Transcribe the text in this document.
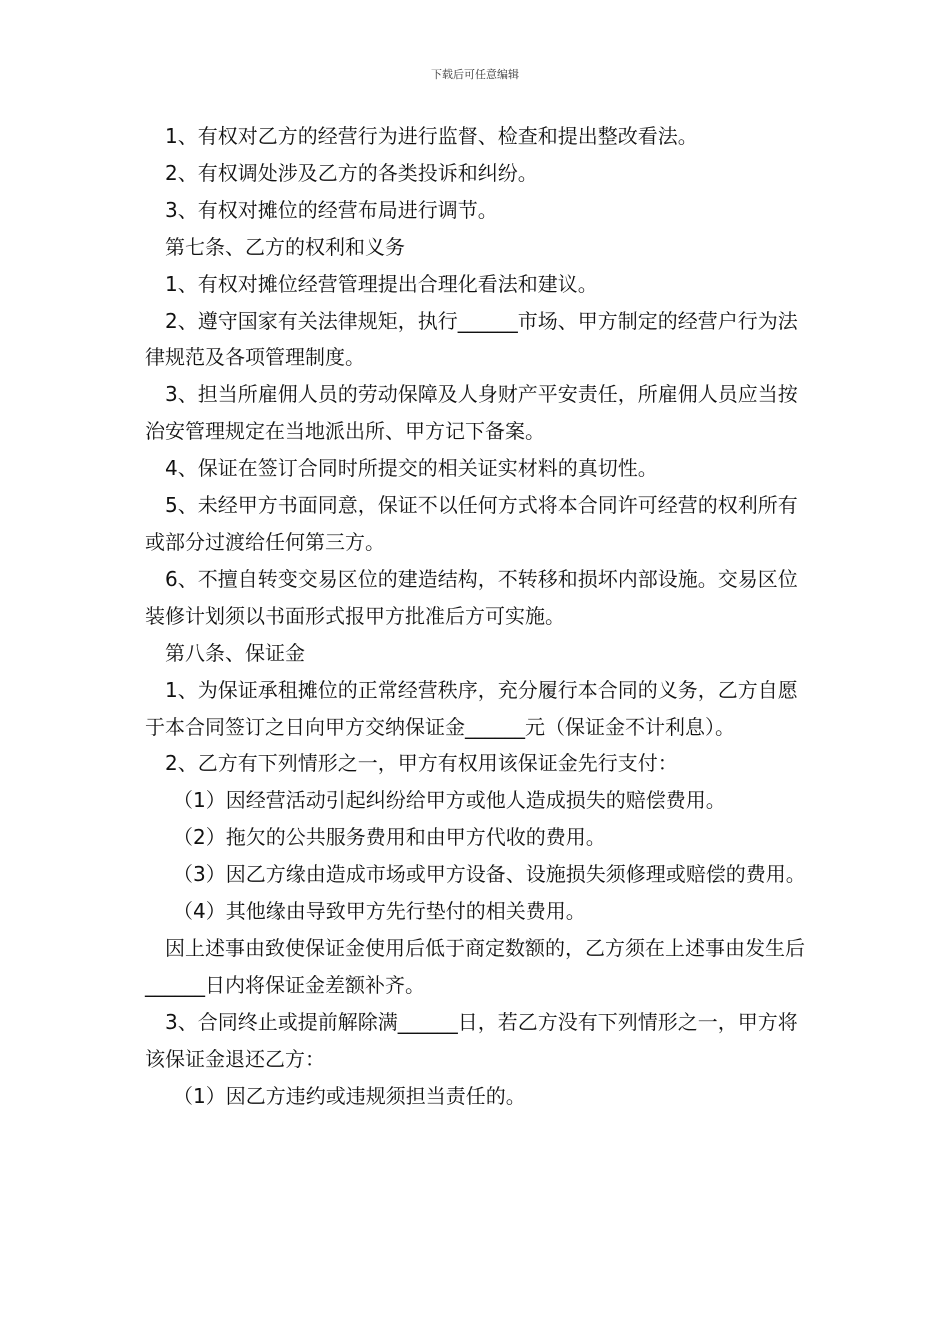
下载后可任意编辑

1、有权对乙方的经营行为进行监督、检查和提出整改看法。

2、有权调处涉及乙方的各类投诉和纠纷。

3、有权对摊位的经营布局进行调节。

第七条、乙方的权利和义务

1、有权对摊位经营管理提出合理化看法和建议。

2、遵守国家有关法律规矩，执行______市场、甲方制定的经营户行为法律规范及各项管理制度。

3、担当所雇佣人员的劳动保障及人身财产平安责任，所雇佣人员应当按治安管理规定在当地派出所、甲方记下备案。

4、保证在签订合同时所提交的相关证实材料的真切性。

5、未经甲方书面同意，保证不以任何方式将本合同许可经营的权利所有或部分过渡给任何第三方。

6、不擅自转变交易区位的建造结构，不转移和损坏内部设施。交易区位装修计划须以书面形式报甲方批准后方可实施。

第八条、保证金

1、为保证承租摊位的正常经营秩序，充分履行本合同的义务，乙方自愿于本合同签订之日向甲方交纳保证金______元（保证金不计利息）。

2、乙方有下列情形之一，甲方有权用该保证金先行支付：

（1）因经营活动引起纠纷给甲方或他人造成损失的赔偿费用。

（2）拖欠的公共服务费用和由甲方代收的费用。

（3）因乙方缘由造成市场或甲方设备、设施损失须修理或赔偿的费用。

（4）其他缘由导致甲方先行垫付的相关费用。

因上述事由致使保证金使用后低于商定数额的，乙方须在上述事由发生后______日内将保证金差额补齐。

3、合同终止或提前解除满______日，若乙方没有下列情形之一，甲方将该保证金退还乙方：

（1）因乙方违约或违规须担当责任的。
